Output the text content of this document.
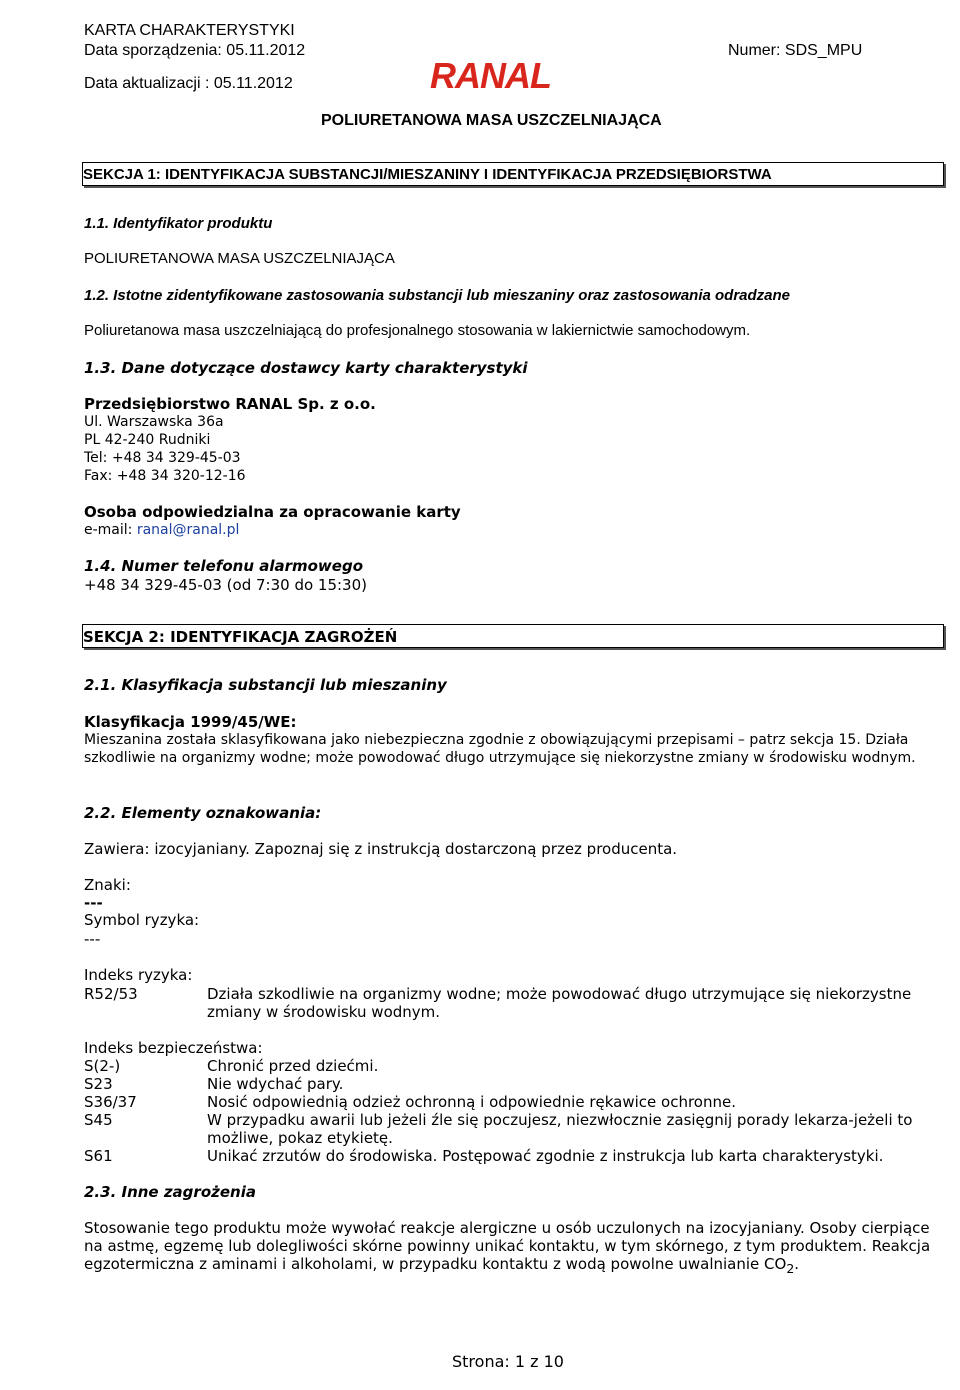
KARTA CHARAKTERYSTYKI
Data sporządzenia: 05.11.2012	Numer: SDS_MPU
Data aktualizacji : 05.11.2012	RANAL
POLIURETANOWA MASA USZCZELNIAJĄCA
SEKCJA 1: IDENTYFIKACJA SUBSTANCJI/MIESZANINY I IDENTYFIKACJA PRZEDSIĘBIORSTWA
1.1. Identyfikator produktu
POLIURETANOWA MASA USZCZELNIAJĄCA
1.2. Istotne zidentyfikowane zastosowania substancji lub mieszaniny oraz zastosowania odradzane
Poliuretanowa masa uszczelniającą do profesjonalnego stosowania w lakiernictwie samochodowym.
1.3. Dane dotyczące dostawcy karty charakterystyki
Przedsiębiorstwo RANAL Sp. z o.o.
Ul. Warszawska 36a
PL 42-240 Rudniki
Tel: +48 34 329-45-03
Fax: +48 34 320-12-16
Osoba odpowiedzialna za opracowanie karty
e-mail: ranal@ranal.pl
1.4. Numer telefonu alarmowego
+48 34 329-45-03 (od 7:30 do 15:30)
SEKCJA 2: IDENTYFIKACJA ZAGROŻEŃ
2.1. Klasyfikacja substancji lub mieszaniny
Klasyfikacja 1999/45/WE:
Mieszanina została sklasyfikowana jako niebezpieczna zgodnie z obowiązującymi przepisami – patrz sekcja 15. Działa szkodliwie na organizmy wodne; może powodować długo utrzymujące się niekorzystne zmiany w środowisku wodnym.
2.2. Elementy oznakowania:
Zawiera: izocyjaniany. Zapoznaj się z instrukcją dostarczoną przez producenta.
Znaki:
---
Symbol ryzyka:
---
Indeks ryzyka:
R52/53	Działa szkodliwie na organizmy wodne; może powodować długo utrzymujące się niekorzystne zmiany w środowisku wodnym.
Indeks bezpieczeństwa:
S(2-)	Chronić przed dziećmi.
S23	Nie wdychać pary.
S36/37	Nosić odpowiednią odzież ochronną i odpowiednie rękawice ochronne.
S45	W przypadku awarii lub jeżeli źle się poczujesz, niezwłocznie zasięgnij porady lekarza-jeżeli to możliwe, pokaz etykietę.
S61	Unikać zrzutów do środowiska. Postępować zgodnie z instrukcja lub karta charakterystyki.
2.3. Inne zagrożenia
Stosowanie tego produktu może wywołać reakcje alergiczne u osób uczulonych na izocyjaniany. Osoby cierpiące na astmę, egzemę lub dolegliwości skórne powinny unikać kontaktu, w tym skórnego, z tym produktem. Reakcja egzotermiczna z aminami i alkoholami, w przypadku kontaktu z wodą powolne uwalnianie $CO_2$.
Strona: 1 z 10
